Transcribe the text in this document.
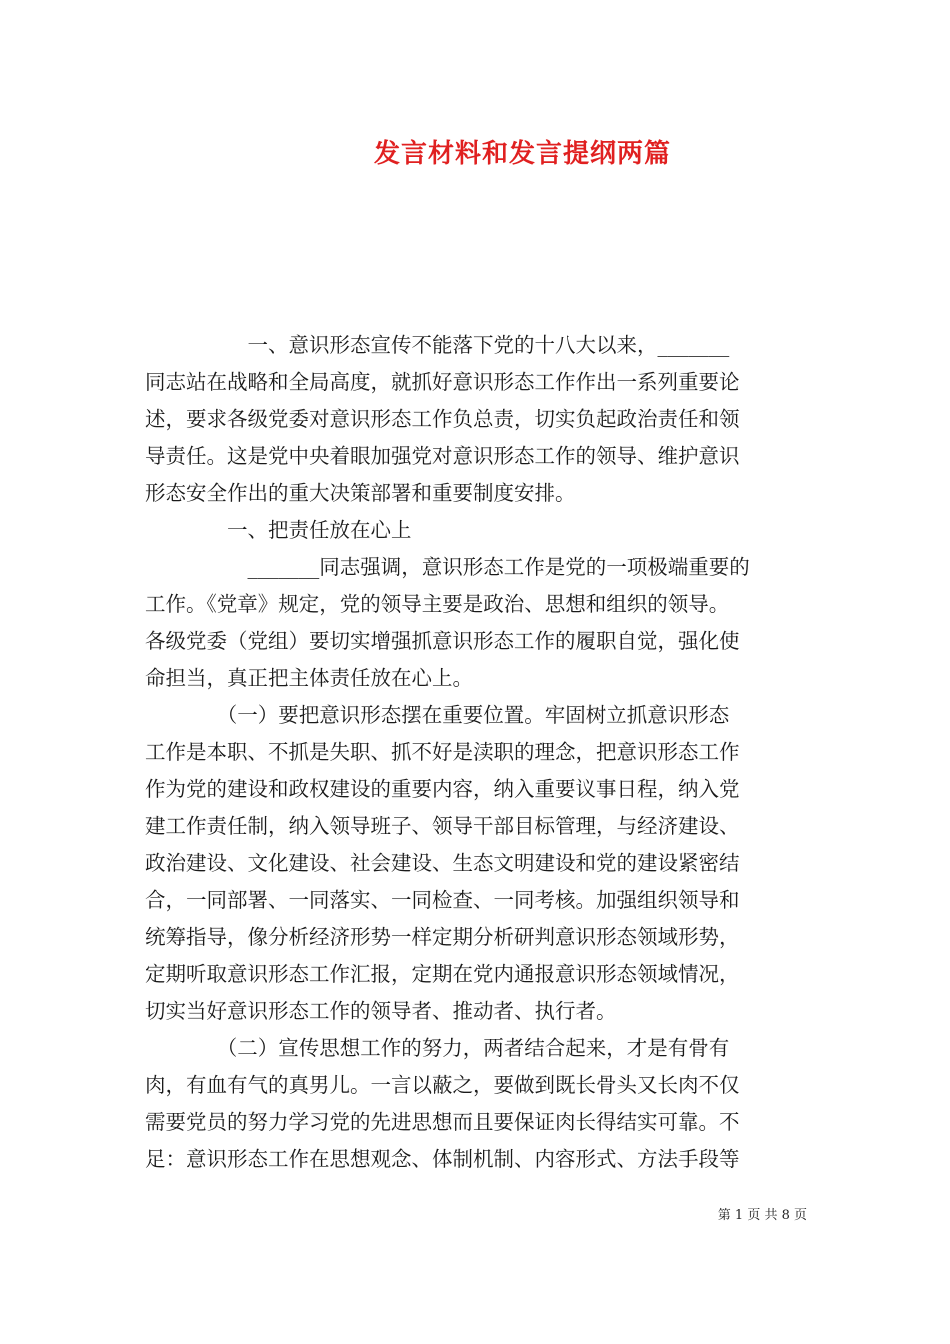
发言材料和发言提纲两篇
　　　　　一、意识形态宣传不能落下党的十八大以来，_______
同志站在战略和全局高度，就抓好意识形态工作作出一系列重要论
述，要求各级党委对意识形态工作负总责，切实负起政治责任和领
导责任。这是党中央着眼加强党对意识形态工作的领导、维护意识
形态安全作出的重大决策部署和重要制度安排。
　　　　一、把责任放在心上
　　　　　_______同志强调，意识形态工作是党的一项极端重要的
工作。《党章》规定，党的领导主要是政治、思想和组织的领导。
各级党委（党组）要切实增强抓意识形态工作的履职自觉，强化使
命担当，真正把主体责任放在心上。
　　　　（一）要把意识形态摆在重要位置。牢固树立抓意识形态
工作是本职、不抓是失职、抓不好是渎职的理念，把意识形态工作
作为党的建设和政权建设的重要内容，纳入重要议事日程，纳入党
建工作责任制，纳入领导班子、领导干部目标管理，与经济建设、
政治建设、文化建设、社会建设、生态文明建设和党的建设紧密结
合，一同部署、一同落实、一同检查、一同考核。加强组织领导和
统筹指导，像分析经济形势一样定期分析研判意识形态领域形势，
定期听取意识形态工作汇报，定期在党内通报意识形态领域情况，
切实当好意识形态工作的领导者、推动者、执行者。
　　　　（二）宣传思想工作的努力，两者结合起来，才是有骨有
肉，有血有气的真男儿。一言以蔽之，要做到既长骨头又长肉不仅
需要党员的努力学习党的先进思想而且要保证肉长得结实可靠。不
足：意识形态工作在思想观念、体制机制、内容形式、方法手段等
第 1 页 共 8 页
